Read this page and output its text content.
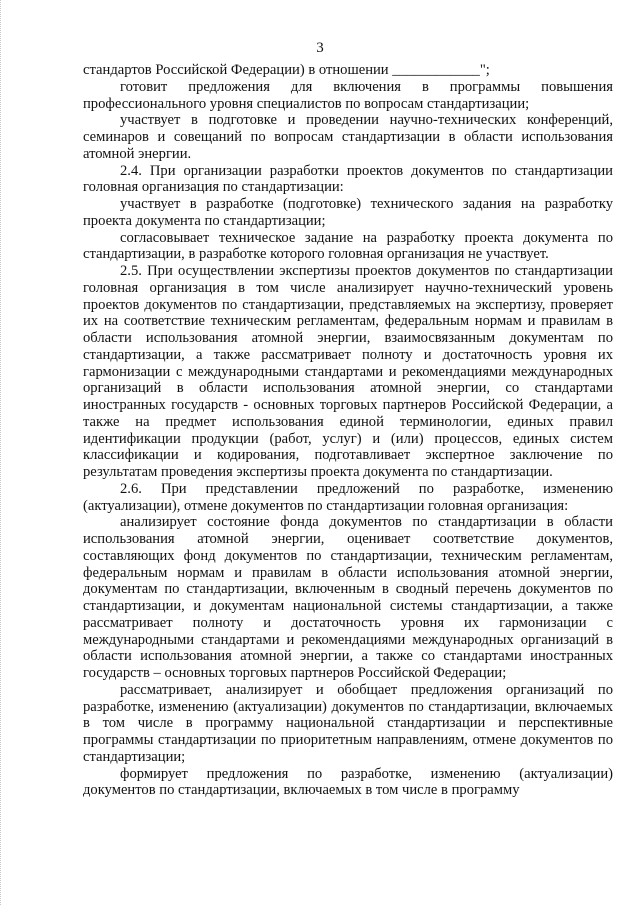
3

стандартов Российской Федерации) в отношении ____________";

готовит предложения для включения в программы повышения профессионального уровня специалистов по вопросам стандартизации;

участвует в подготовке и проведении научно-технических конференций, семинаров и совещаний по вопросам стандартизации в области использования атомной энергии.

2.4. При организации разработки проектов документов по стандартизации головная организация по стандартизации:

участвует в разработке (подготовке) технического задания на разработку проекта документа по стандартизации;

согласовывает техническое задание на разработку проекта документа по стандартизации, в разработке которого головная организация не участвует.

2.5. При осуществлении экспертизы проектов документов по стандартизации головная организация в том числе анализирует научно-технический уровень проектов документов по стандартизации, представляемых на экспертизу, проверяет их на соответствие техническим регламентам, федеральным нормам и правилам в области использования атомной энергии, взаимосвязанным документам по стандартизации, а также рассматривает полноту и достаточность уровня их гармонизации с международными стандартами и рекомендациями международных организаций в области использования атомной энергии, со стандартами иностранных государств - основных торговых партнеров Российской Федерации, а также на предмет использования единой терминологии, единых правил идентификации продукции (работ, услуг) и (или) процессов, единых систем классификации и кодирования, подготавливает экспертное заключение по результатам проведения экспертизы проекта документа по стандартизации.

2.6. При представлении предложений по разработке, изменению (актуализации), отмене документов по стандартизации головная организация:

анализирует состояние фонда документов по стандартизации в области использования атомной энергии, оценивает соответствие документов, составляющих фонд документов по стандартизации, техническим регламентам, федеральным нормам и правилам в области использования атомной энергии, документам по стандартизации, включенным в сводный перечень документов по стандартизации, и документам национальной системы стандартизации, а также рассматривает полноту и достаточность уровня их гармонизации с международными стандартами и рекомендациями международных организаций в области использования атомной энергии, а также со стандартами иностранных государств – основных торговых партнеров Российской Федерации;

рассматривает, анализирует и обобщает предложения организаций по разработке, изменению (актуализации) документов по стандартизации, включаемых в том числе в программу национальной стандартизации и перспективные программы стандартизации по приоритетным направлениям, отмене документов по стандартизации;

формирует предложения по разработке, изменению (актуализации) документов по стандартизации, включаемых в том числе в программу
